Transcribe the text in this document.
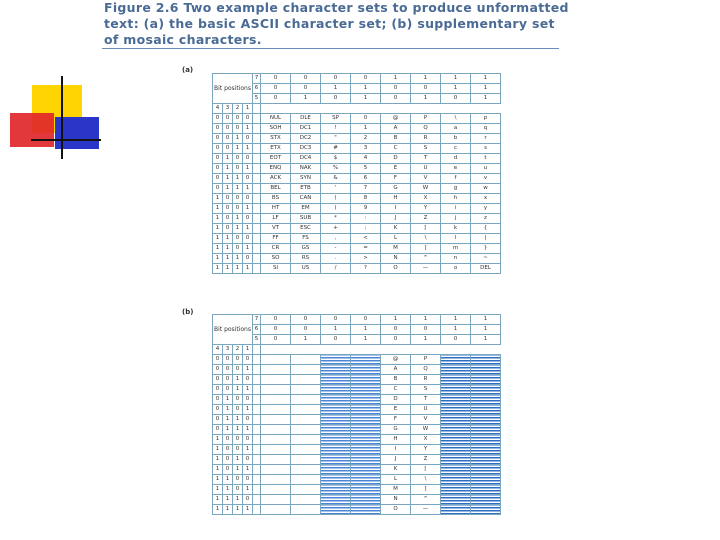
Figure 2.6 Two example character sets to produce unformatted text: (a) the basic ASCII character set; (b) supplementary set of mosaic characters.
(a)
Bit positions				7	0	0	0	0	1	1	1	1
				6	0	0	1	1	0	0	1	1
				5	0	1	0	1	0	1	0	1
4	3	2	1									
0	0	0	0		NUL	DLE	SP	0	@	P	\	p
0	0	0	1		SOH	DC1	!	1	A	Q	a	q
0	0	1	0		STX	DC2	"	2	B	R	b	r
0	0	1	1		ETX	DC3	#	3	C	S	c	s
0	1	0	0		EOT	DC4	$	4	D	T	d	t
0	1	0	1		ENQ	NAK	%	5	E	U	e	u
0	1	1	0		ACK	SYN	&	6	F	V	f	v
0	1	1	1		BEL	ETB	'	7	G	W	g	w
1	0	0	0		BS	CAN	(	8	H	X	h	x
1	0	0	1		HT	EM	)	9	I	Y	i	y
1	0	1	0		LF	SUB	*	:	J	Z	j	z
1	0	1	1		VT	ESC	+	;	K	[	k	{
1	1	0	0		FF	FS	,	<	L	\	l	|
1	1	0	1		CR	GS	-	=	M	]	m	}
1	1	1	0		SO	RS	.	>	N	^	n	~
1	1	1	1		SI	US	/	?	O	—	o	DEL
(b)
Bit positions				7	0	0	0	0	1	1	1	1
				6	0	0	1	1	0	0	1	1
				5	0	1	0	1	0	1	0	1
4	3	2	1									
0	0	0	0						@	P		
0	0	0	1						A	Q		
0	0	1	0						B	R		
0	0	1	1						C	S		
0	1	0	0						D	T		
0	1	0	1						E	U		
0	1	1	0						F	V		
0	1	1	1						G	W		
1	0	0	0						H	X		
1	0	0	1						I	Y		
1	0	1	0						J	Z		
1	0	1	1						K	[		
1	1	0	0						L	\		
1	1	0	1						M	]		
1	1	1	0						N	^		
1	1	1	1						O	—		
